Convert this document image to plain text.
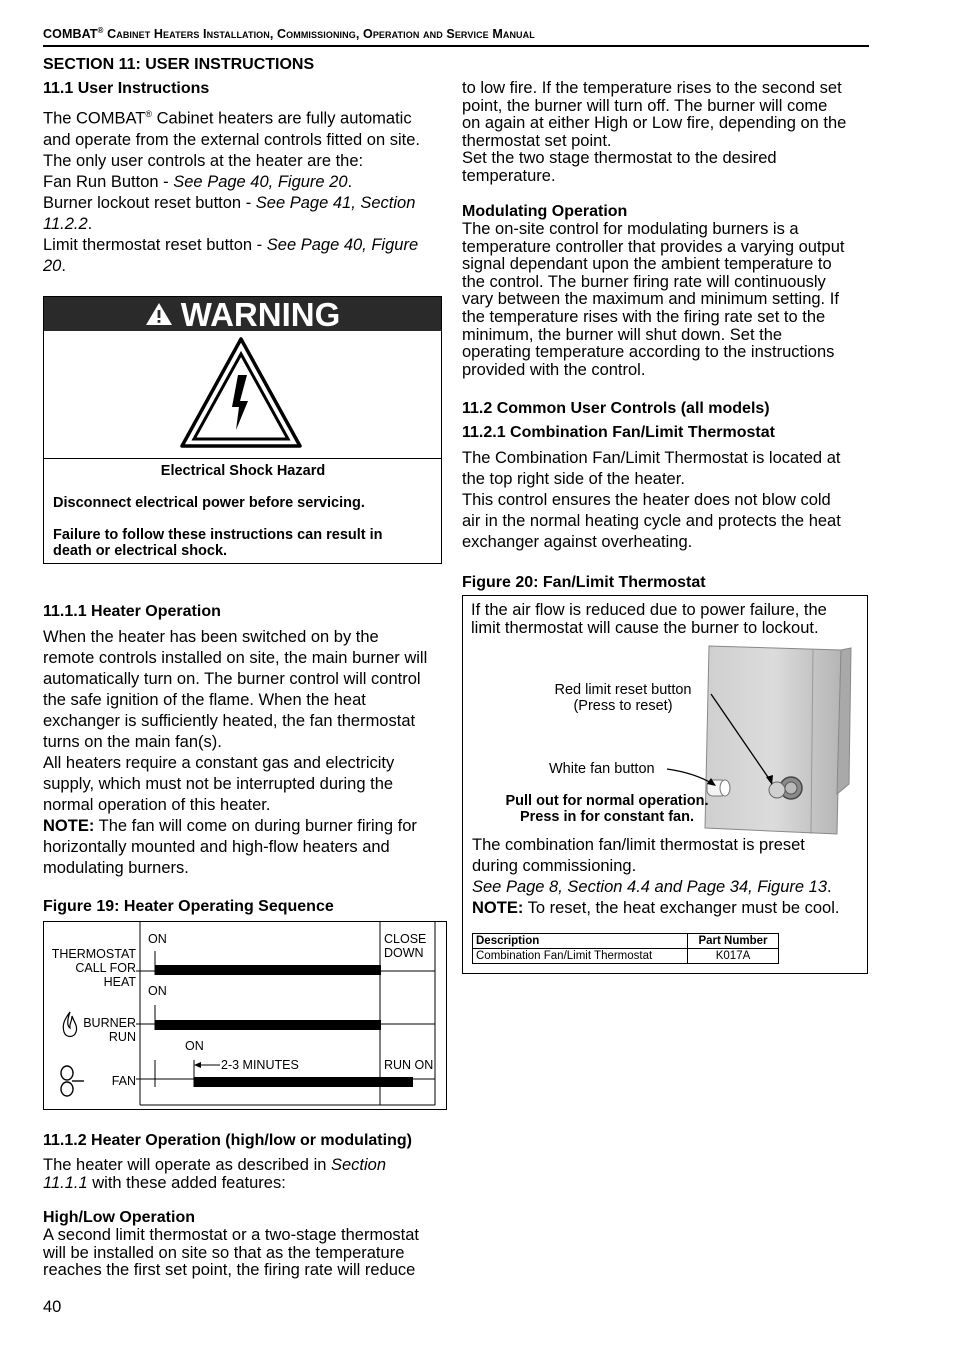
COMBAT® Cabinet Heaters Installation, Commissioning, Operation and Service Manual
SECTION 11: USER INSTRUCTIONS
11.1 User Instructions
The COMBAT® Cabinet heaters are fully automatic
and operate from the external controls fitted on site.
The only user controls at the heater are the:
Fan Run Button - See Page 40, Figure 20.
Burner lockout reset button - See Page 41, Section
11.2.2.
Limit thermostat reset button - See Page 40, Figure
20.
WARNING
Electrical Shock Hazard
Disconnect electrical power before servicing.
Failure to follow these instructions can result in
death or electrical shock.
11.1.1 Heater Operation
When the heater has been switched on by the
remote controls installed on site, the main burner will
automatically turn on. The burner control will control
the safe ignition of the flame. When the heat
exchanger is sufficiently heated, the fan thermostat
turns on the main fan(s).
All heaters require a constant gas and electricity
supply, which must not be interrupted during the
normal operation of this heater.
NOTE: The fan will come on during burner firing for
horizontally mounted and high-flow heaters and
modulating burners.
Figure 19: Heater Operating Sequence
THERMOSTAT
CALL FOR
HEAT
BURNER
RUN
FAN
ON
ON
ON
CLOSE
DOWN
2-3 MINUTES	RUN ON
11.1.2 Heater Operation (high/low or modulating)
The heater will operate as described in Section
11.1.1 with these added features:
High/Low Operation
A second limit thermostat or a two-stage thermostat
will be installed on site so that as the temperature
reaches the first set point, the firing rate will reduce
40
to low fire. If the temperature rises to the second set
point, the burner will turn off. The burner will come
on again at either High or Low fire, depending on the
thermostat set point.
Set the two stage thermostat to the desired
temperature.
Modulating Operation
The on-site control for modulating burners is a
temperature controller that provides a varying output
signal dependant upon the ambient temperature to
the control. The burner firing rate will continuously
vary between the maximum and minimum setting. If
the temperature rises with the firing rate set to the
minimum, the burner will shut down. Set the
operating temperature according to the instructions
provided with the control.
11.2 Common User Controls (all models)
11.2.1 Combination Fan/Limit Thermostat
The Combination Fan/Limit Thermostat is located at
the top right side of the heater.
This control ensures the heater does not blow cold
air in the normal heating cycle and protects the heat
exchanger against overheating.
Figure 20: Fan/Limit Thermostat
If the air flow is reduced due to power failure, the
limit thermostat will cause the burner to lockout.
Red limit reset button
(Press to reset)
White fan button
Pull out for normal operation.
Press in for constant fan.
The combination fan/limit thermostat is preset
during commissioning.
See Page 8, Section 4.4 and Page 34, Figure 13.
NOTE: To reset, the heat exchanger must be cool.
Description	Part Number
Combination Fan/Limit Thermostat	K017A
